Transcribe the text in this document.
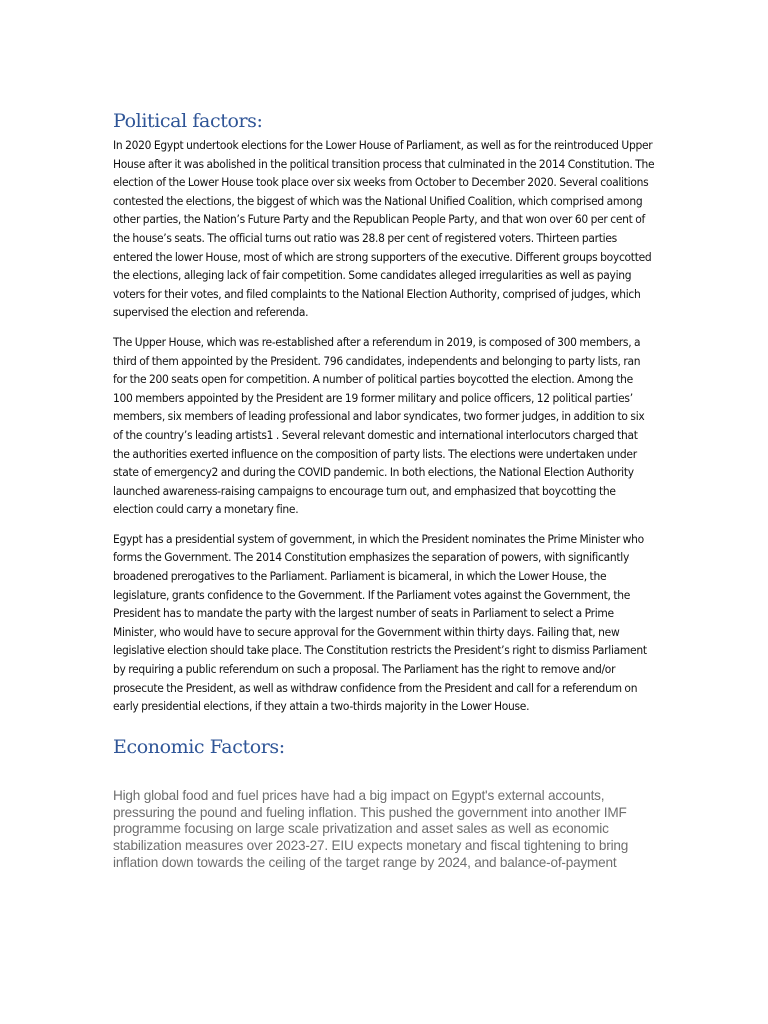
Political factors:

In 2020 Egypt undertook elections for the Lower House of Parliament, as well as for the reintroduced Upper House after it was abolished in the political transition process that culminated in the 2014 Constitution. The election of the Lower House took place over six weeks from October to December 2020. Several coalitions contested the elections, the biggest of which was the National Unified Coalition, which comprised among other parties, the Nation’s Future Party and the Republican People Party, and that won over 60 per cent of the house’s seats. The official turns out ratio was 28.8 per cent of registered voters. Thirteen parties entered the lower House, most of which are strong supporters of the executive. Different groups boycotted the elections, alleging lack of fair competition. Some candidates alleged irregularities as well as paying voters for their votes, and filed complaints to the National Election Authority, comprised of judges, which supervised the election and referenda.

The Upper House, which was re-established after a referendum in 2019, is composed of 300 members, a third of them appointed by the President. 796 candidates, independents and belonging to party lists, ran for the 200 seats open for competition. A number of political parties boycotted the election. Among the 100 members appointed by the President are 19 former military and police officers, 12 political parties’ members, six members of leading professional and labor syndicates, two former judges, in addition to six of the country’s leading artists1 . Several relevant domestic and international interlocutors charged that the authorities exerted influence on the composition of party lists. The elections were undertaken under state of emergency2 and during the COVID pandemic. In both elections, the National Election Authority launched awareness-raising campaigns to encourage turn out, and emphasized that boycotting the election could carry a monetary fine.

Egypt has a presidential system of government, in which the President nominates the Prime Minister who forms the Government. The 2014 Constitution emphasizes the separation of powers, with significantly broadened prerogatives to the Parliament. Parliament is bicameral, in which the Lower House, the legislature, grants confidence to the Government. If the Parliament votes against the Government, the President has to mandate the party with the largest number of seats in Parliament to select a Prime Minister, who would have to secure approval for the Government within thirty days. Failing that, new legislative election should take place. The Constitution restricts the President’s right to dismiss Parliament by requiring a public referendum on such a proposal. The Parliament has the right to remove and/or prosecute the President, as well as withdraw confidence from the President and call for a referendum on early presidential elections, if they attain a two-thirds majority in the Lower House.

Economic Factors:

High global food and fuel prices have had a big impact on Egypt's external accounts, pressuring the pound and fueling inflation. This pushed the government into another IMF programme focusing on large scale privatization and asset sales as well as economic stabilization measures over 2023-27. EIU expects monetary and fiscal tightening to bring inflation down towards the ceiling of the target range by 2024, and balance-of-payment
